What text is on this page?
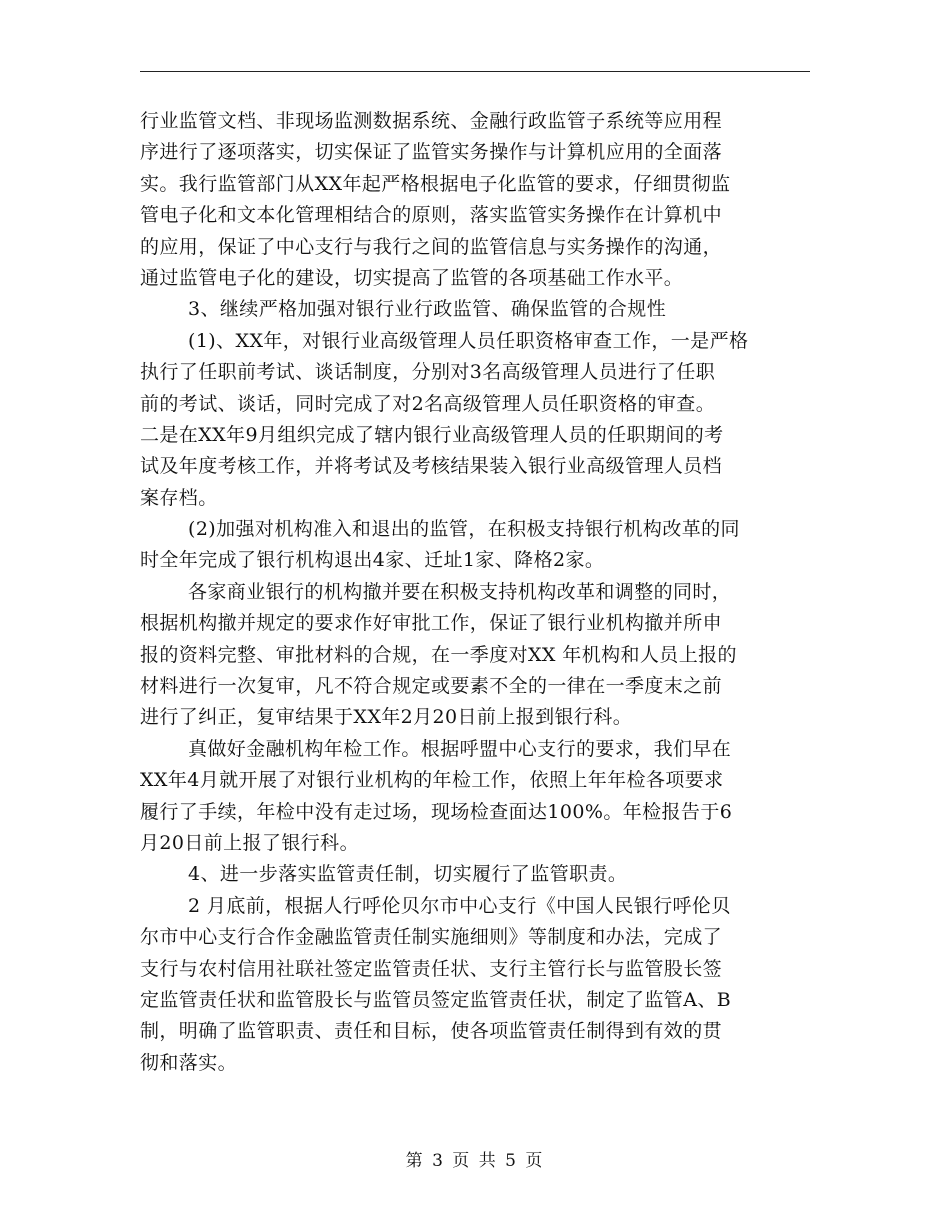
行业监管文档、非现场监测数据系统、金融行政监管子系统等应用程
序进行了逐项落实，切实保证了监管实务操作与计算机应用的全面落
实。我行监管部门从XX年起严格根据电子化监管的要求，仔细贯彻监
管电子化和文本化管理相结合的原则，落实监管实务操作在计算机中
的应用，保证了中心支行与我行之间的监管信息与实务操作的沟通，
通过监管电子化的建设，切实提高了监管的各项基础工作水平。
3、继续严格加强对银行业行政监管、确保监管的合规性
(1)、XX年，对银行业高级管理人员任职资格审查工作，一是严格
执行了任职前考试、谈话制度，分别对3名高级管理人员进行了任职
前的考试、谈话，同时完成了对2名高级管理人员任职资格的审查。
二是在XX年9月组织完成了辖内银行业高级管理人员的任职期间的考
试及年度考核工作，并将考试及考核结果装入银行业高级管理人员档
案存档。
(2)加强对机构准入和退出的监管，在积极支持银行机构改革的同
时全年完成了银行机构退出4家、迁址1家、降格2家。
各家商业银行的机构撤并要在积极支持机构改革和调整的同时，
根据机构撤并规定的要求作好审批工作，保证了银行业机构撤并所申
报的资料完整、审批材料的合规，在一季度对XX 年机构和人员上报的
材料进行一次复审，凡不符合规定或要素不全的一律在一季度末之前
进行了纠正，复审结果于XX年2月20日前上报到银行科。
真做好金融机构年检工作。根据呼盟中心支行的要求，我们早在
XX年4月就开展了对银行业机构的年检工作，依照上年年检各项要求
履行了手续，年检中没有走过场，现场检查面达100%。年检报告于6
月20日前上报了银行科。
4、进一步落实监管责任制，切实履行了监管职责。
2 月底前，根据人行呼伦贝尔市中心支行《中国人民银行呼伦贝
尔市中心支行合作金融监管责任制实施细则》等制度和办法，完成了
支行与农村信用社联社签定监管责任状、支行主管行长与监管股长签
定监管责任状和监管股长与监管员签定监管责任状，制定了监管A、B
制，明确了监管职责、责任和目标，使各项监管责任制得到有效的贯
彻和落实。
第 3 页 共 5 页
